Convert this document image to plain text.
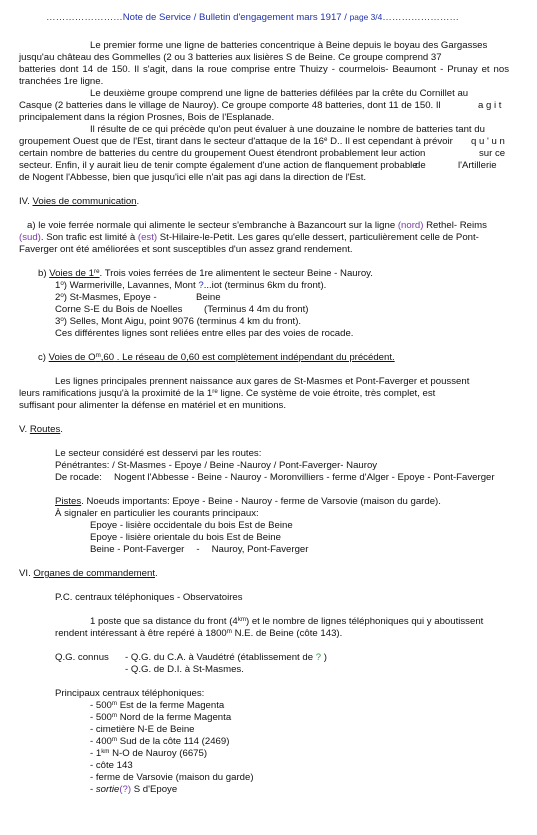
……………………Note de Service / Bulletin d'engagement mars 1917 / page 3/4……………………
Le premier forme une ligne de batteries concentrique à Beine depuis le boyau des Gargasses
jusqu'au château des Gommelles (2 ou 3 batteries aux lisières S de Beine. Ce groupe comprend 37
batteries dont 14 de 150. Il s'agit, dans la roue comprise entre Thuizy - courmelois- Beaumont - Prunay et nos
tranchées 1re ligne.
Le deuxième groupe comprend une ligne de batteries défilées par la crête du Cornillet au
Casque (2 batteries dans le village de Nauroy). Ce groupe comporte 48 batteries, dont 11 de 150. Il	a g i t
principalement dans la région Prosnes, Bois de l'Esplanade.
Il résulte de ce qui précède qu'on peut évaluer à une douzaine le nombre de batteries tant du
groupement Ouest que de l'Est, tirant dans le secteur d'attaque de la 16e D.. Il est cependant à prévoir q u ' u n
certain nombre de batteries du centre du groupement Ouest étendront probablement leur action	sur ce
secteur. Enfin, il y aurait lieu de tenir compte également d'une action de flanquement probable
de	l'Artillerie
de Nogent l'Abbesse, bien que jusqu'ici elle n'ait pas agi dans la direction de l'Est.
IV. Voies de communication.
a) le voie ferrée normale qui alimente le secteur s'embranche à Bazancourt sur la ligne (nord) Rethel- Reims
(sud). Son trafic est limité à (est) St-Hilaire-le-Petit. Les gares qu'elle dessert, particulièrement celle de Pont-
Faverger ont été améliorées et sont susceptibles d'un assez grand rendement.
b) Voies de 1re. Trois voies ferrées de 1re alimentent le secteur Beine - Nauroy.
1$^o$) Warmeriville, Lavannes, Mont ?...iot (terminus 6km du front).
2$^o$) St-Masmes, Epoye -	Beine
Corne S-E du Bois de Noelles (Terminus 4 4m du front)
3$^o$) Selles, Mont Aigu, point 9076 (terminus 4 km du front).
Ces différentes lignes sont reliées entre elles par des voies de rocade.
c) Voies de $O^m,60$ . Le réseau de 0,60 est complètement indépendant du précédent.
Les lignes principales prennent naissance aux gares de St-Masmes et Pont-Faverger et poussent
leurs ramifications jusqu'à la proximité de la 1re ligne. Ce système de voie étroite, très complet, est
suffisant pour alimenter la défense en matériel et en munitions.
V. Routes.
Le secteur considéré est desservi par les routes:
Pénétrantes: / St-Masmes - Epoye / Beine -Nauroy / Pont-Faverger- Nauroy
De rocade: Nogent l'Abbesse - Beine - Nauroy - Moronvilliers - ferme d'Alger - Epoye - Pont-Faverger
Pistes. Noeuds importants: Epoye - Beine - Nauroy - ferme de Varsovie (maison du garde).
À signaler en particulier les courants principaux:
Epoye - lisière occidentale du bois Est de Beine
Epoye - lisière orientale du bois Est de Beine
Beine - Pont-Faverger - Nauroy, Pont-Faverger
VI. Organes de commandement.
P.C. centraux téléphoniques - Observatoires
1 poste que sa distance du front $(4^{km})$ et le nombre de lignes téléphoniques qui y aboutissent
rendent intéressant à être repéré à 1800$^m$ N.E. de Beine (côte 143).
Q.G. connus - Q.G. du C.A. à Vaudétré (établissement de ? )
- Q.G. de D.I. à St-Masmes.
Principaux centraux téléphoniques:
- 500$^m$ Est de la ferme Magenta
- 500$^m$ Nord de la ferme Magenta
- cimetière N-E de Beine
- 400$^m$ Sud de la côte 114 (2469)
- $1^{km}$ N-O de Nauroy (6675)
- côte 143
- ferme de Varsovie (maison du garde)
- sortie(?) S d'Epoye
